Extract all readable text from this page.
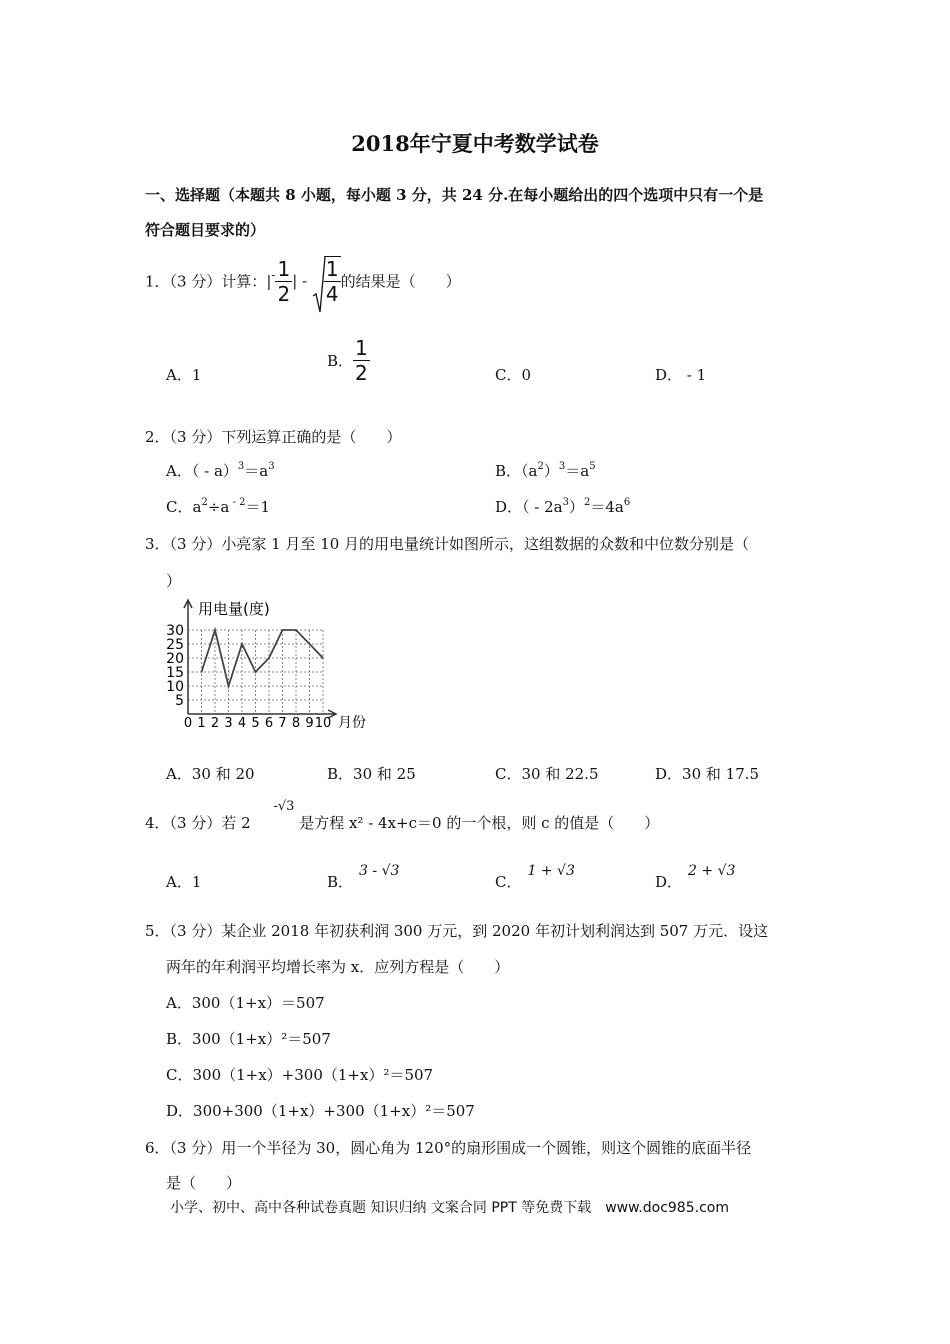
2018年宁夏中考数学试卷
一、选择题（本题共 8 小题，每小题 3 分，共 24 分.在每小题给出的四个选项中只有一个是
符合题目要求的）
1．（3 分）计算：$|^- \frac{1}{2}$ | - $\frac{1}{4}$ 的结果是（　　）
A．1
B． $\frac{1}{2}$	C．0	D． - 1
2．（3 分）下列运算正确的是（　　）
A．（ - $a)^3=a^3$	B．$(a^2)^3=a^5$
C．$a^2\div a$ $^{- 2}$＝1	D．（ - $2a^3)^2=4a^6$
3．（3 分）小亮家 1 月至 10 月的用电量统计如图所示，这组数据的众数和中位数分别是（
）
用电量(度)
月份
5
10
15
20
25
30
0 1 2 3 4 5 6 7 8 9 10
A．30 和 20	B．30 和 25	C．30 和 22.5	D．30 和 17.5
4．（3 分）若 2 -√3 是方程 x² - 4x+c＝0 的一个根，则 c 的值是（　　）
A．1	B．3 - √3
C．1 + √3
D．2 + √3
5．（3 分）某企业 2018 年初获利润 300 万元，到 2020 年初计划利润达到 507 万元．设这
两年的年利润平均增长率为 x．应列方程是（　　）
A．300（1+x）＝507
B．300（1+x）²＝507
C．300（1+x）+300（1+x）²＝507
D．300+300（1+x）+300（1+x）²＝507
6．（3 分）用一个半径为 30，圆心角为 120°的扇形围成一个圆锥，则这个圆锥的底面半径
是（　　）
小学、初中、高中各种试卷真题 知识归纳 文案合同 PPT 等免费下载　www.doc985.com
